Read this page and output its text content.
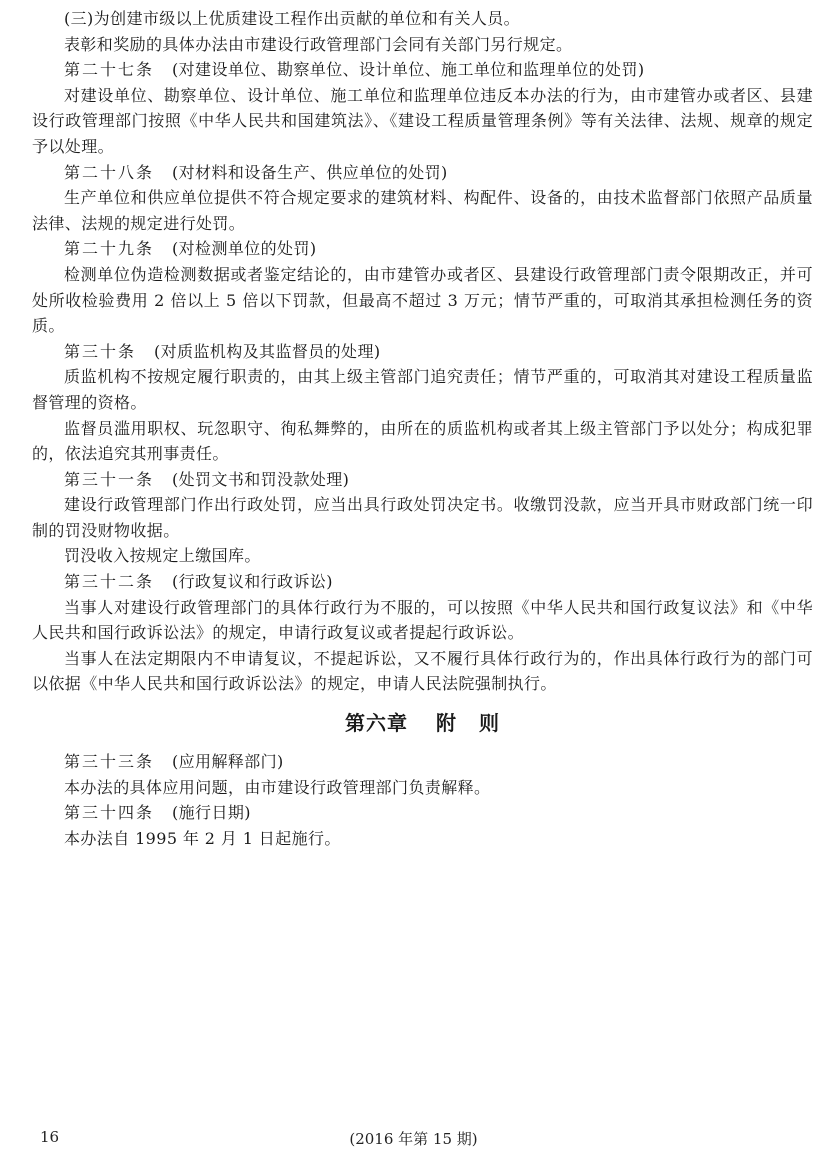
(三)为创建市级以上优质建设工程作出贡献的单位和有关人员。

表彰和奖励的具体办法由市建设行政管理部门会同有关部门另行规定。

第二十七条 (对建设单位、勘察单位、设计单位、施工单位和监理单位的处罚)

对建设单位、勘察单位、设计单位、施工单位和监理单位违反本办法的行为，由市建管办或者区、县建设行政管理部门按照《中华人民共和国建筑法》、《建设工程质量管理条例》等有关法律、法规、规章的规定予以处理。

第二十八条 (对材料和设备生产、供应单位的处罚)

生产单位和供应单位提供不符合规定要求的建筑材料、构配件、设备的，由技术监督部门依照产品质量法律、法规的规定进行处罚。

第二十九条 (对检测单位的处罚)

检测单位伪造检测数据或者鉴定结论的，由市建管办或者区、县建设行政管理部门责令限期改正，并可处所收检验费用 2 倍以上 5 倍以下罚款，但最高不超过 3 万元；情节严重的，可取消其承担检测任务的资质。

第三十条 (对质监机构及其监督员的处理)

质监机构不按规定履行职责的，由其上级主管部门追究责任；情节严重的，可取消其对建设工程质量监督管理的资格。

监督员滥用职权、玩忽职守、徇私舞弊的，由所在的质监机构或者其上级主管部门予以处分；构成犯罪的，依法追究其刑事责任。

第三十一条 (处罚文书和罚没款处理)

建设行政管理部门作出行政处罚，应当出具行政处罚决定书。收缴罚没款，应当开具市财政部门统一印制的罚没财物收据。

罚没收入按规定上缴国库。

第三十二条 (行政复议和行政诉讼)

当事人对建设行政管理部门的具体行政行为不服的，可以按照《中华人民共和国行政复议法》和《中华人民共和国行政诉讼法》的规定，申请行政复议或者提起行政诉讼。

当事人在法定期限内不申请复议，不提起诉讼，又不履行具体行政行为的，作出具体行政行为的部门可以依据《中华人民共和国行政诉讼法》的规定，申请人民法院强制执行。

第六章 附 则

第三十三条 (应用解释部门)

本办法的具体应用问题，由市建设行政管理部门负责解释。

第三十四条 (施行日期)

本办法自 1995 年 2 月 1 日起施行。

16	(2016 年第 15 期)
